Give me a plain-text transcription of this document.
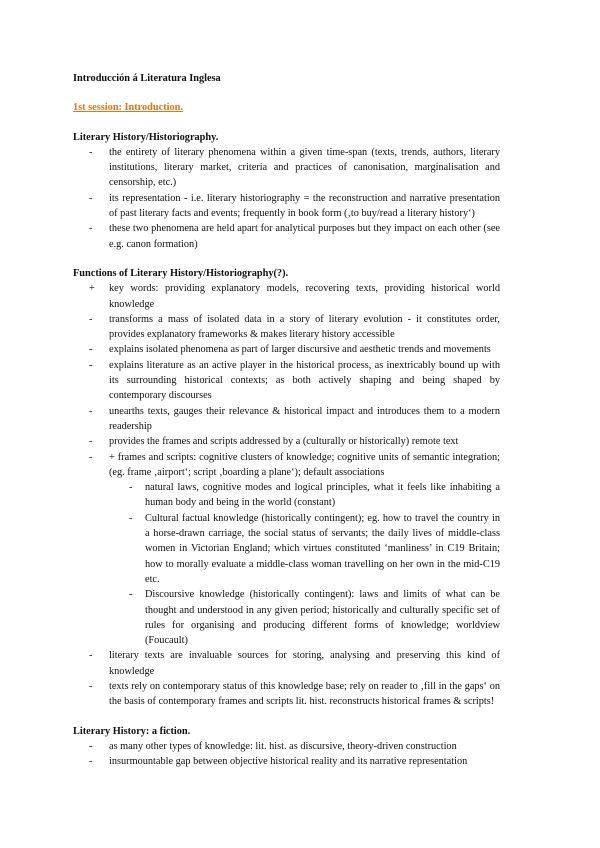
Introducción á Literatura Inglesa
1st session: Introduction.
Literary History/Historiography.
-	the entirety of literary phenomena within a given time-span (texts, trends, authors, literary institutions, literary market, criteria and practices of canonisation, marginalisation and censorship, etc.)
-	its representation - i.e. literary historiography = the reconstruction and narrative presentation of past literary facts and events; frequently in book form (‚to buy/read a literary history‘)
-	these two phenomena are held apart for analytical purposes but they impact on each other (see e.g. canon formation)
Functions of Literary History/Historiography(?).
+	key words: providing explanatory models, recovering texts, providing historical world knowledge
-	transforms a mass of isolated data in a story of literary evolution - it constitutes order, provides explanatory frameworks & makes literary history accessible
-	explains isolated phenomena as part of larger discursive and aesthetic trends and movements
-	explains literature as an active player in the historical process, as inextricably bound up with its surrounding historical contexts; as both actively shaping and being shaped by contemporary discourses
-	unearths texts, gauges their relevance & historical impact and introduces them to a modern readership
-	provides the frames and scripts addressed by a (culturally or historically) remote text
-	+ frames and scripts: cognitive clusters of knowledge; cognitive units of semantic integration; (eg. frame ‚airport‘; script ‚boarding a plane‘); default associations
-	natural laws, cognitive modes and logical principles, what it feels like inhabiting a human body and being in the world (constant)
-	Cultural factual knowledge (historically contingent); eg. how to travel the country in a horse-drawn carriage, the social status of servants; the daily lives of middle-class women in Victorian England; which virtues constituted ‘manliness’ in C19 Britain; how to morally evaluate a middle-class woman travelling on her own in the mid-C19 etc.
-	Discoursive knowledge (historically contingent): laws and limits of what can be thought and understood in any given period; historically and culturally specific set of rules for organising and producing different forms of knowledge; worldview (Foucault)
-	literary texts are invaluable sources for storing, analysing and preserving this kind of knowledge
-	texts rely on contemporary status of this knowledge base; rely on reader to ‚fill in the gaps‘ on the basis of contemporary frames and scripts lit. hist. reconstructs historical frames & scripts!
Literary History: a fiction.
-	as many other types of knowledge: lit. hist. as discursive, theory-driven construction
-	insurmountable gap between objective historical reality and its narrative representation
